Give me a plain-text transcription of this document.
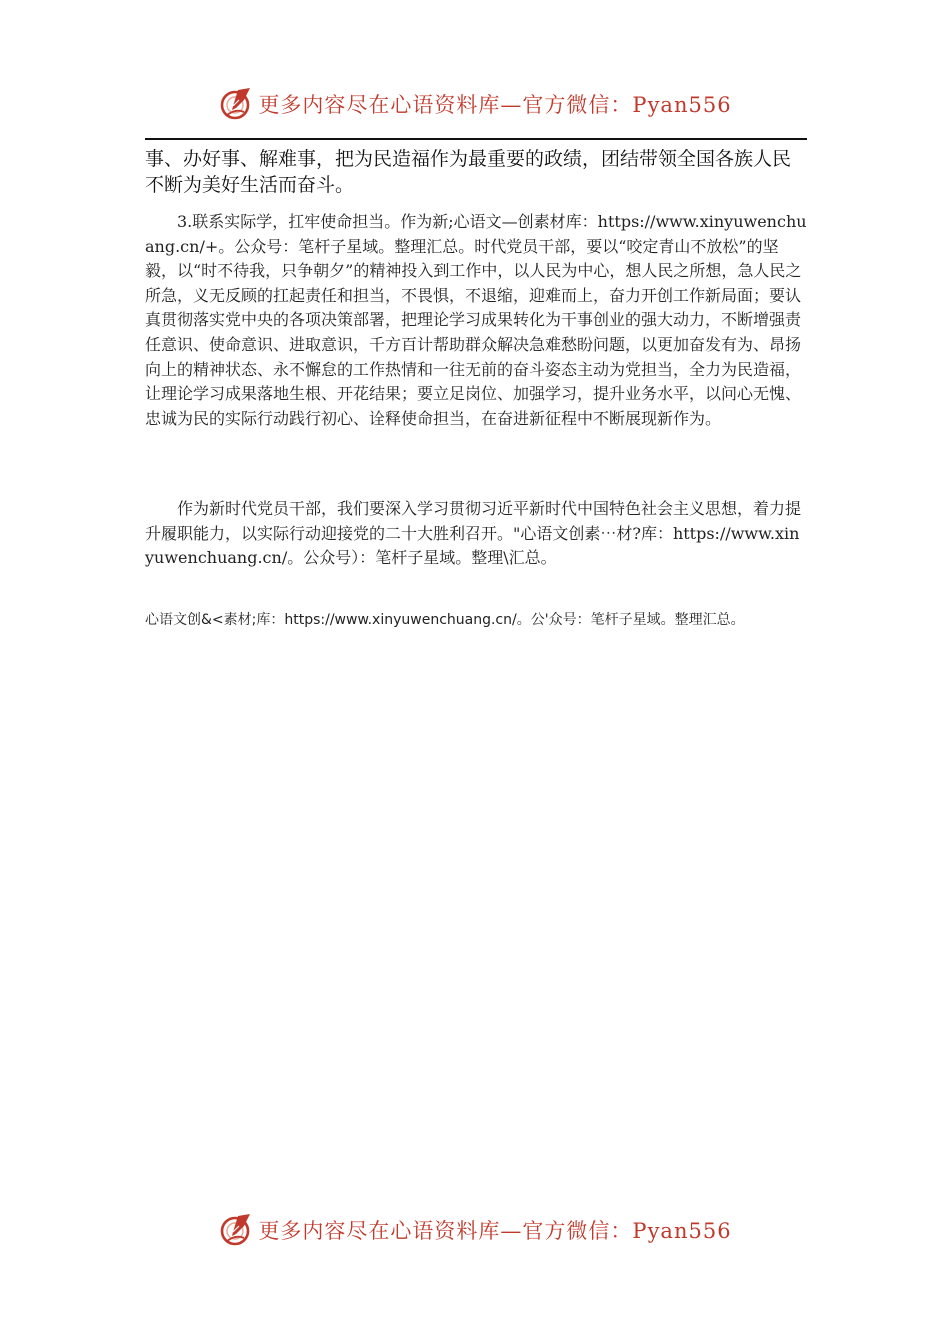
更多内容尽在心语资料库—官方微信：Pyan556

事、办好事、解难事，把为民造福作为最重要的政绩，团结带领全国各族人民不断为美好生活而奋斗。

3.联系实际学，扛牢使命担当。作为新;心语文—创素材库：https://www.xinyuwenchuang.cn/+。公众号：笔杆子星域。整理汇总。时代党员干部，要以“咬定青山不放松”的坚毅，以“时不待我，只争朝夕”的精神投入到工作中，以人民为中心，想人民之所想，急人民之所急，义无反顾的扛起责任和担当，不畏惧，不退缩，迎难而上，奋力开创工作新局面；要认真贯彻落实党中央的各项决策部署，把理论学习成果转化为干事创业的强大动力，不断增强责任意识、使命意识、进取意识，千方百计帮助群众解决急难愁盼问题，以更加奋发有为、昂扬向上的精神状态、永不懈怠的工作热情和一往无前的奋斗姿态主动为党担当，全力为民造福，让理论学习成果落地生根、开花结果；要立足岗位、加强学习，提升业务水平，以问心无愧、忠诚为民的实际行动践行初心、诠释使命担当，在奋进新征程中不断展现新作为。

作为新时代党员干部，我们要深入学习贯彻习近平新时代中国特色社会主义思想，着力提升履职能力，以实际行动迎接党的二十大胜利召开。"心语文创素⋯材?库：https://www.xinyuwenchuang.cn/。公众号）：笔杆子星域。整理\汇总。

心语文创&<素材;库：https://www.xinyuwenchuang.cn/。公'众号：笔杆子星域。整理汇总。

更多内容尽在心语资料库—官方微信：Pyan556
